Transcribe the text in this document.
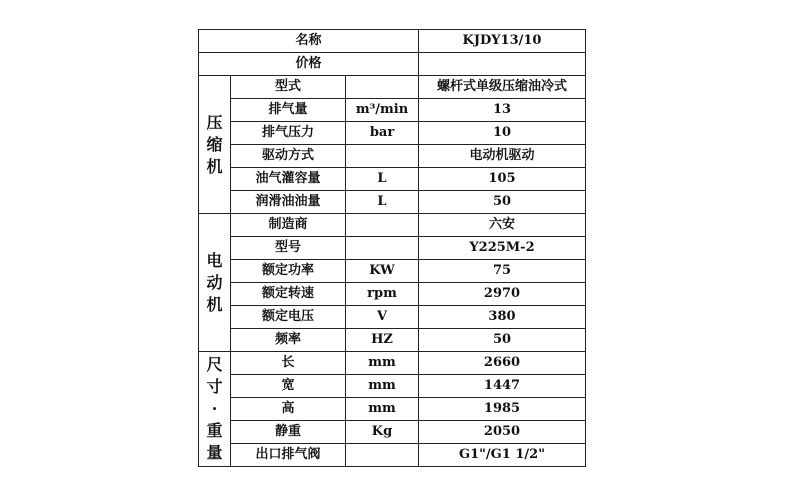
名称			KJDY13/10
价格			

压
缩
机	型式		螺杆式单级压缩油冷式
	排气量	m³/min	13
	排气压力	bar	10
	驱动方式		电动机驱动
	油气灌容量	L	105
	润滑油油量	L	50

电
动
机	制造商		六安
	型号		Y225M-2
	额定功率	KW	75
	额定转速	rpm	2970
	额定电压	V	380
	频率	HZ	50

尺
寸
·
重
量	长	mm	2660
	宽	mm	1447
	高	mm	1985
	静重	Kg	2050
	出口排气阀		G1"/G1 1/2"
